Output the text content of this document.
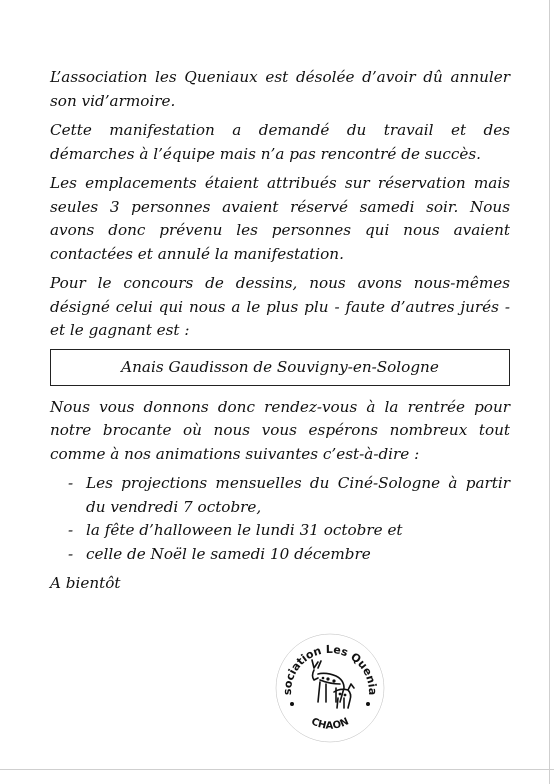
L’association les Queniaux est désolée d’avoir dû annuler son vid’armoire.

Cette manifestation a demandé du travail et des démarches à l’équipe mais n’a pas rencontré de succès.

Les emplacements étaient attribués sur réservation mais seules 3 personnes avaient réservé samedi soir. Nous avons donc prévenu les personnes qui nous avaient contactées et annulé la manifestation.

Pour le concours de dessins, nous avons nous-mêmes désigné celui qui nous a le plus plu - faute d’autres jurés - et le gagnant est :

Anais Gaudisson de Souvigny-en-Sologne

Nous vous donnons donc rendez-vous à la rentrée pour notre brocante où nous vous espérons nombreux tout comme à nos animations suivantes c’est-à-dire :

- Les projections mensuelles du Ciné-Sologne à partir du vendredi 7 octobre,
- la fête d’halloween le lundi 31 octobre et
- celle de Noël le samedi 10 décembre
A bientôt
sociation Les Quenia
CHAON
